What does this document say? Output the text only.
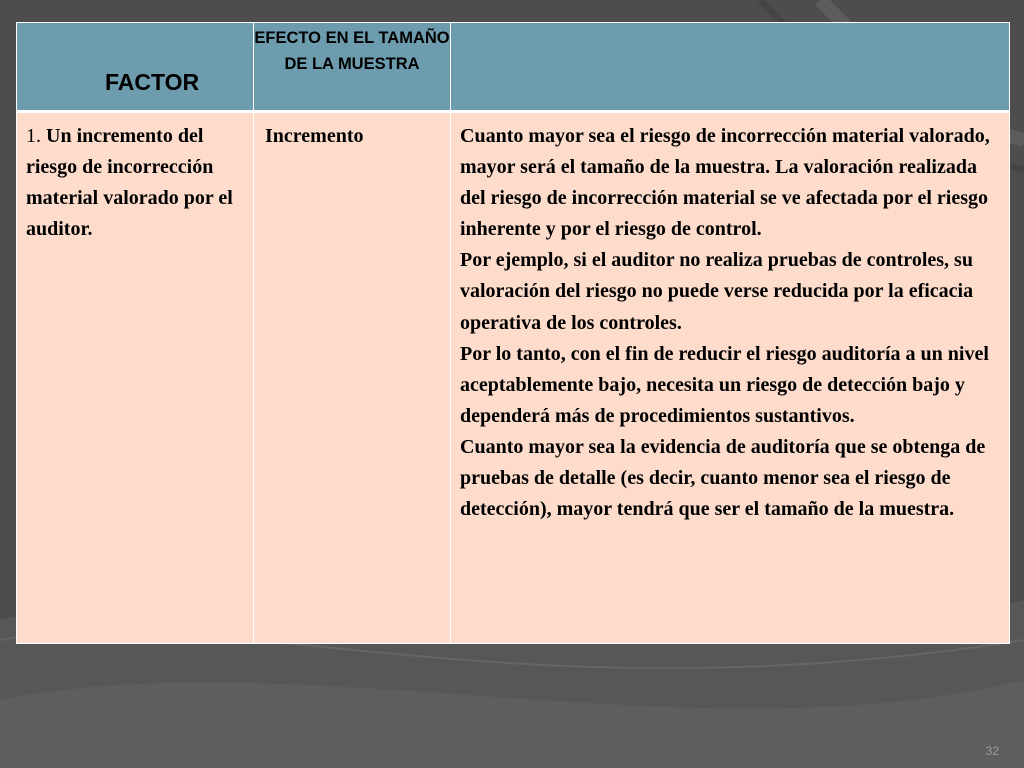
FACTOR	EFECTO EN EL TAMAÑO DE LA MUESTRA	

1. Un incremento del riesgo de incorrección material valorado por el auditor.	Incremento	Cuanto mayor sea el riesgo de incorrección material valorado, mayor será el tamaño de la muestra. La valoración realizada del riesgo de incorrección material se ve afectada por el riesgo inherente y por el riesgo de control.

Por ejemplo, si el auditor no realiza pruebas de controles, su valoración del riesgo no puede verse reducida por la eficacia operativa de los controles.

Por lo tanto, con el fin de reducir el riesgo auditoría a un nivel aceptablemente bajo, necesita un riesgo de detección bajo y dependerá más de procedimientos sustantivos.

Cuanto mayor sea la evidencia de auditoría que se obtenga de pruebas de detalle (es decir, cuanto menor sea el riesgo de detección), mayor tendrá que ser el tamaño de la muestra.

32
